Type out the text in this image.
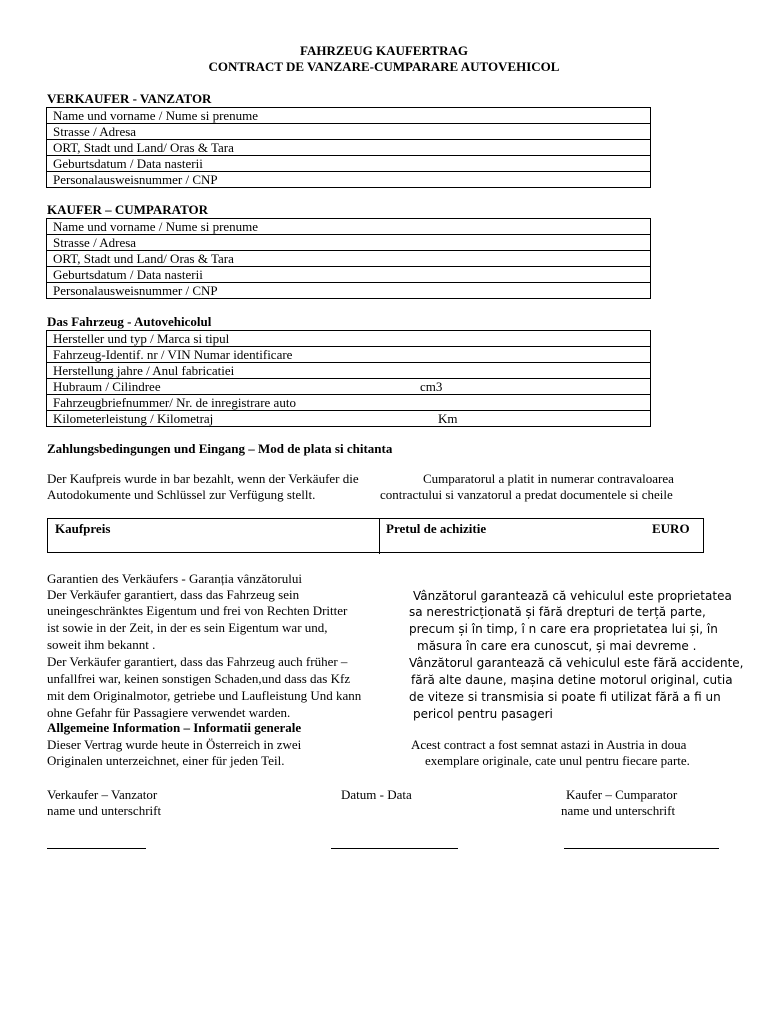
FAHRZEUG KAUFERTRAG
CONTRACT DE VANZARE-CUMPARARE AUTOVEHICOL
VERKAUFER - VANZATOR
Name und vorname / Nume si prenume
Strasse / Adresa
ORT, Stadt und Land/ Oras & Tara
Geburtsdatum / Data nasterii
Personalausweisnummer / CNP
KAUFER – CUMPARATOR
Name und vorname / Nume si prenume
Strasse / Adresa
ORT, Stadt und Land/ Oras & Tara
Geburtsdatum / Data nasterii
Personalausweisnummer / CNP
Das Fahrzeug - Autovehicolul
Hersteller und typ / Marca si tipul
Fahrzeug-Identif. nr / VIN Numar identificare
Herstellung jahre / Anul fabricatiei
Hubraum / Cilindree	cm3

Fahrzeugbriefnummer/ Nr. de inregistrare auto
Kilometerleistung / Kilometraj	Km
Zahlungsbedingungen und Eingang – Mod de plata si chitanta
Der Kaufpreis wurde in bar bezahlt, wenn der Verkäufer die
Autodokumente und Schlüssel zur Verfügung stellt.
Cumparatorul a platit in numerar contravaloarea
contractului si vanzatorul a predat documentele si cheile
Kaufpreis	Pretul de achizitie	EURO
Garantien des Verkäufers - Garanția vânzătorului
Der Verkäufer garantiert, dass das Fahrzeug sein
uneingeschränktes Eigentum und frei von Rechten Dritter
ist sowie in der Zeit, in der es sein Eigentum war und,
soweit ihm bekannt .
Der Verkäufer garantiert, dass das Fahrzeug auch früher –
unfallfrei war, keinen sonstigen Schaden,und dass das Kfz
mit dem Originalmotor, getriebe und Laufleistung Und kann
ohne Gefahr für Passagiere verwendet warden.
Vânzătorul garantează că vehiculul este proprietatea
sa nerestricționată și fără drepturi de terță parte,
precum și în timp, î n care era proprietatea lui și, în
măsura în care era cunoscut, și mai devreme .
Vânzătorul garantează că vehiculul este fără accidente,
fără alte daune, mașina detine motorul original, cutia
de viteze si transmisia si poate fi utilizat fără a fi un
pericol pentru pasageri
Allgemeine Information – Informatii generale
Dieser Vertrag wurde heute in Österreich in zwei
Originalen unterzeichnet, einer für jeden Teil.
Acest contract a fost semnat astazi in Austria in doua
exemplare originale, cate unul pentru fiecare parte.
Verkaufer – Vanzator
name und unterschrift
Datum - Data	Kaufer – Cumparator
name und unterschrift
